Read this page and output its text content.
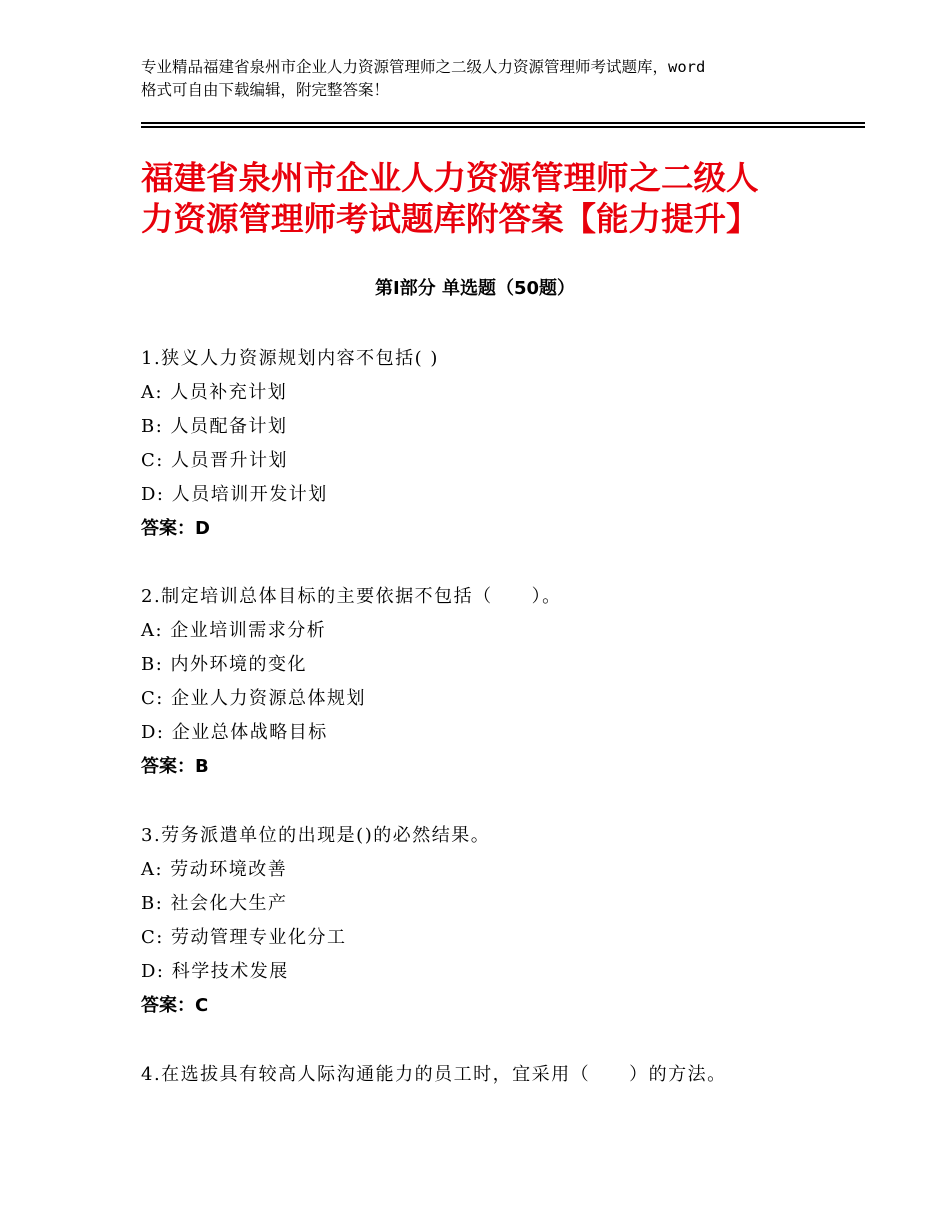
专业精品福建省泉州市企业人力资源管理师之二级人力资源管理师考试题库，word
格式可自由下载编辑，附完整答案！
福建省泉州市企业人力资源管理师之二级人
力资源管理师考试题库附答案【能力提升】
第Ⅰ部分 单选题（50题）
1.狭义人力资源规划内容不包括( )
A: 人员补充计划
B: 人员配备计划
C: 人员晋升计划
D: 人员培训开发计划
答案：D
2.制定培训总体目标的主要依据不包括（　　）。
A: 企业培训需求分析
B: 内外环境的变化
C: 企业人力资源总体规划
D: 企业总体战略目标
答案：B
3.劳务派遣单位的出现是()的必然结果。
A: 劳动环境改善
B: 社会化大生产
C: 劳动管理专业化分工
D: 科学技术发展
答案：C
4.在选拔具有较高人际沟通能力的员工时，宜采用（　　）的方法。
